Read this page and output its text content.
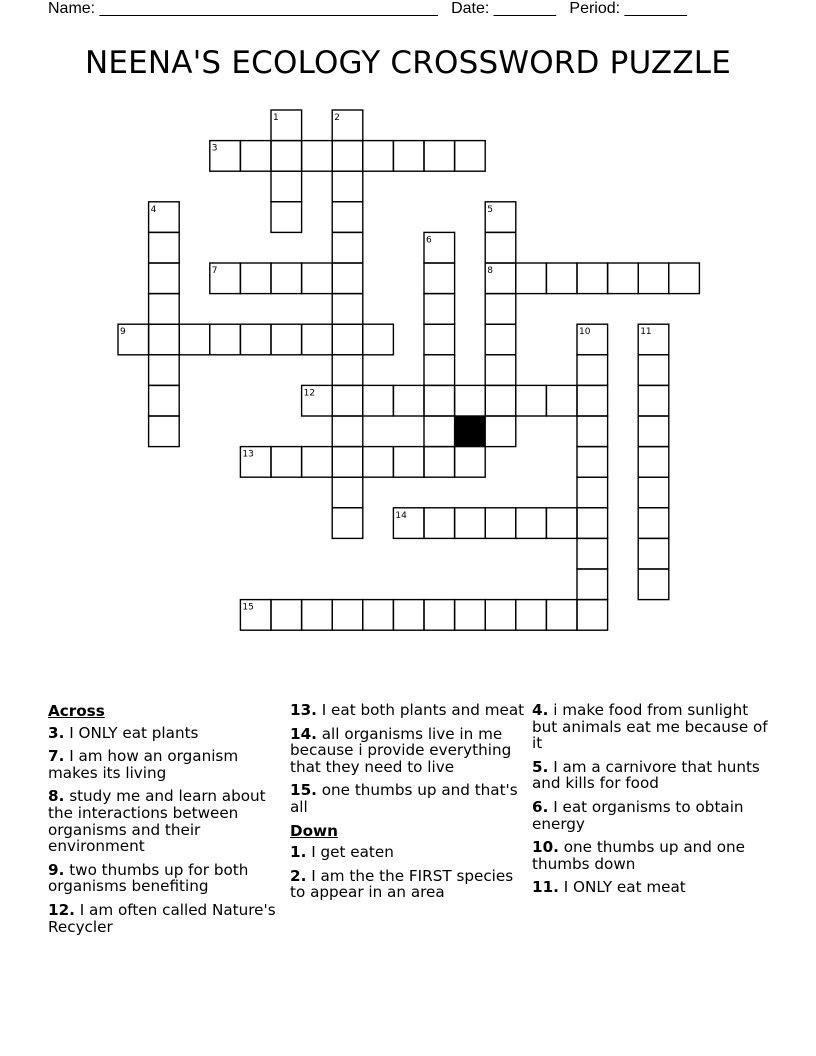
Name: ______________________________________ Date: _______ Period: _______
NEENA'S ECOLOGY CROSSWORD PUZZLE
1	2
3
4	5
8
6
7
9	10	11
12
13
14
15
Across
3. I ONLY eat plants
7. I am how an organism makes its living
8. study me and learn about the interactions between organisms and their environment
9. two thumbs up for both organisms benefiting
12. I am often called Nature's Recycler
13. I eat both plants and meat
14. all organisms live in me because i provide everything that they need to live
15. one thumbs up and that's all
Down
1. I get eaten
2. I am the the FIRST species to appear in an area
4. i make food from sunlight but animals eat me because of it
5. I am a carnivore that hunts and kills for food
6. I eat organisms to obtain energy
10. one thumbs up and one thumbs down
11. I ONLY eat meat
